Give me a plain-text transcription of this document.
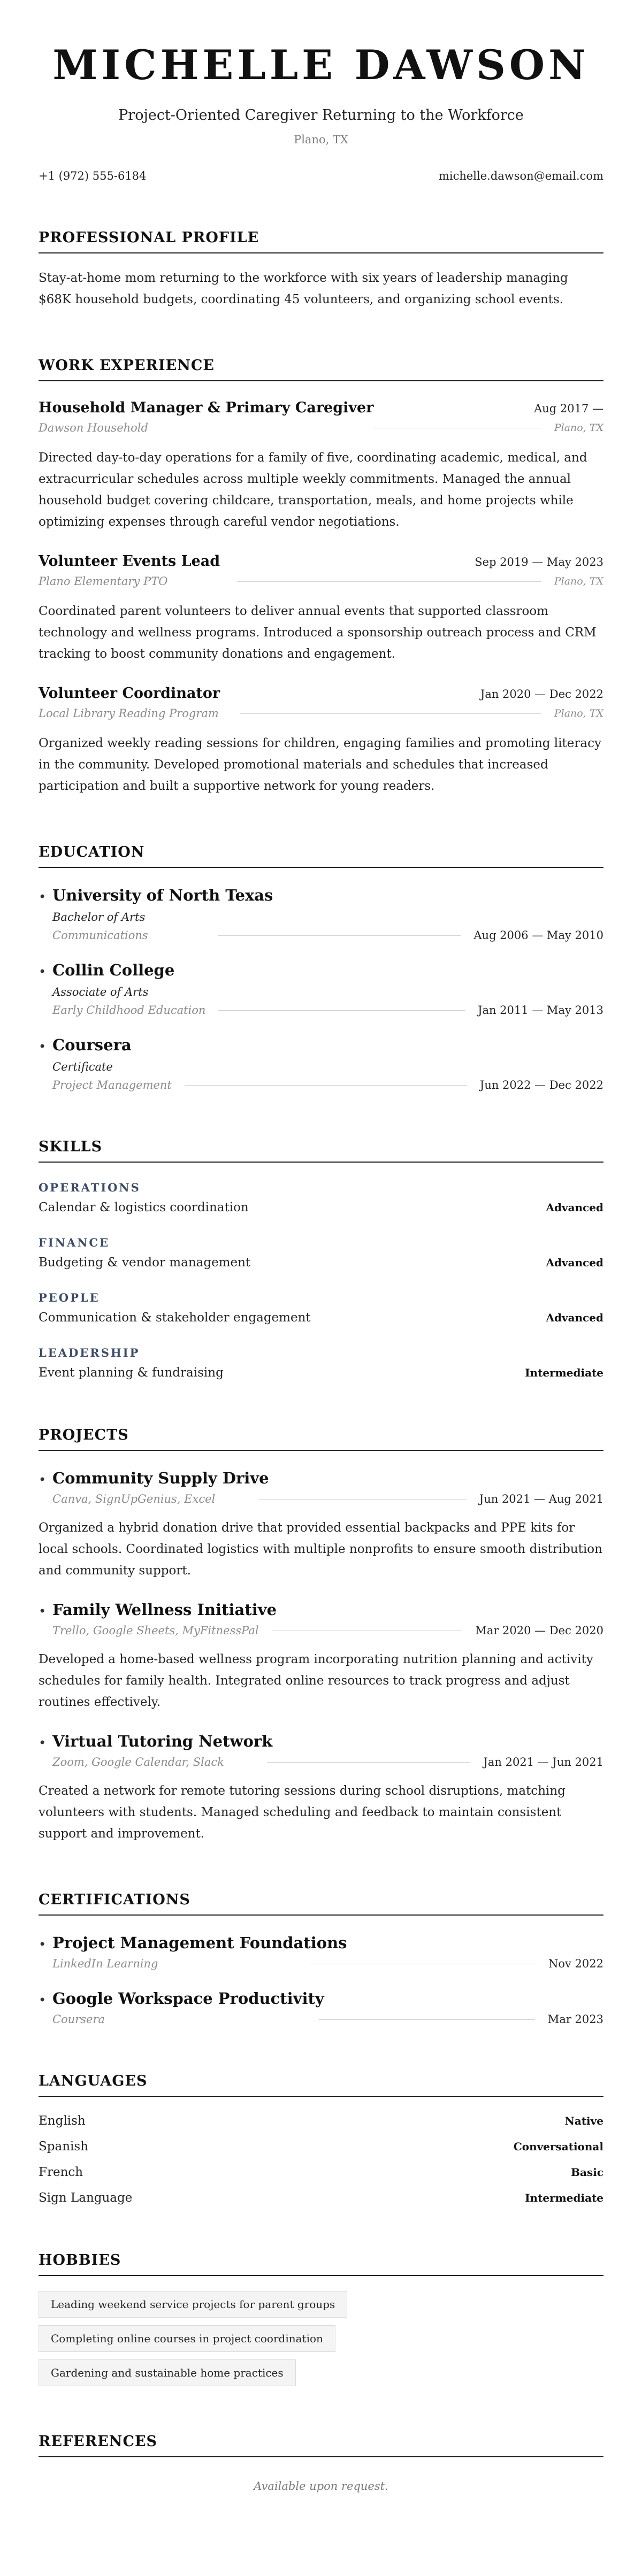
MICHELLE DAWSON
Project-Oriented Caregiver Returning to the Workforce
Plano, TX
+1 (972) 555-6184	michelle.dawson@email.com
PROFESSIONAL PROFILE

Stay-at-home mom returning to the workforce with six years of leadership managing $68K household budgets, coordinating 45 volunteers, and organizing school events.

WORK EXPERIENCE
Household Manager & Primary Caregiver	Aug 2017 —
Dawson Household	Plano, TX

Directed day-to-day operations for a family of five, coordinating academic, medical, and extracurricular schedules across multiple weekly commitments. Managed the annual household budget covering childcare, transportation, meals, and home projects while optimizing expenses through careful vendor negotiations.

Volunteer Events Lead	Sep 2019 — May 2023
Plano Elementary PTO	Plano, TX

Coordinated parent volunteers to deliver annual events that supported classroom technology and wellness programs. Introduced a sponsorship outreach process and CRM tracking to boost community donations and engagement.

Volunteer Coordinator	Jan 2020 — Dec 2022
Local Library Reading Program	Plano, TX

Organized weekly reading sessions for children, engaging families and promoting literacy in the community. Developed promotional materials and schedules that increased participation and built a supportive network for young readers.

EDUCATION
• University of North Texas
Bachelor of Arts
Communications	Aug 2006 — May 2010
• Collin College
Associate of Arts
Early Childhood Education	Jan 2011 — May 2013
• Coursera
Certificate
Project Management	Jun 2022 — Dec 2022
SKILLS
OPERATIONS
Calendar & logistics coordination	Advanced
FINANCE
Budgeting & vendor management	Advanced
PEOPLE
Communication & stakeholder engagement	Advanced
LEADERSHIP
Event planning & fundraising	Intermediate
PROJECTS
• Community Supply Drive
Canva, SignUpGenius, Excel	Jun 2021 — Aug 2021

Organized a hybrid donation drive that provided essential backpacks and PPE kits for local schools. Coordinated logistics with multiple nonprofits to ensure smooth distribution and community support.

• Family Wellness Initiative
Trello, Google Sheets, MyFitnessPal	Mar 2020 — Dec 2020

Developed a home-based wellness program incorporating nutrition planning and activity schedules for family health. Integrated online resources to track progress and adjust routines effectively.

• Virtual Tutoring Network
Zoom, Google Calendar, Slack	Jan 2021 — Jun 2021

Created a network for remote tutoring sessions during school disruptions, matching volunteers with students. Managed scheduling and feedback to maintain consistent support and improvement.

CERTIFICATIONS
• Project Management Foundations
LinkedIn Learning	Nov 2022
• Google Workspace Productivity
Coursera	Mar 2023
LANGUAGES
English	Native
Spanish	Conversational
French	Basic
Sign Language	Intermediate
HOBBIES
Leading weekend service projects for parent groups
Completing online courses in project coordination
Gardening and sustainable home practices
REFERENCES
Available upon request.
